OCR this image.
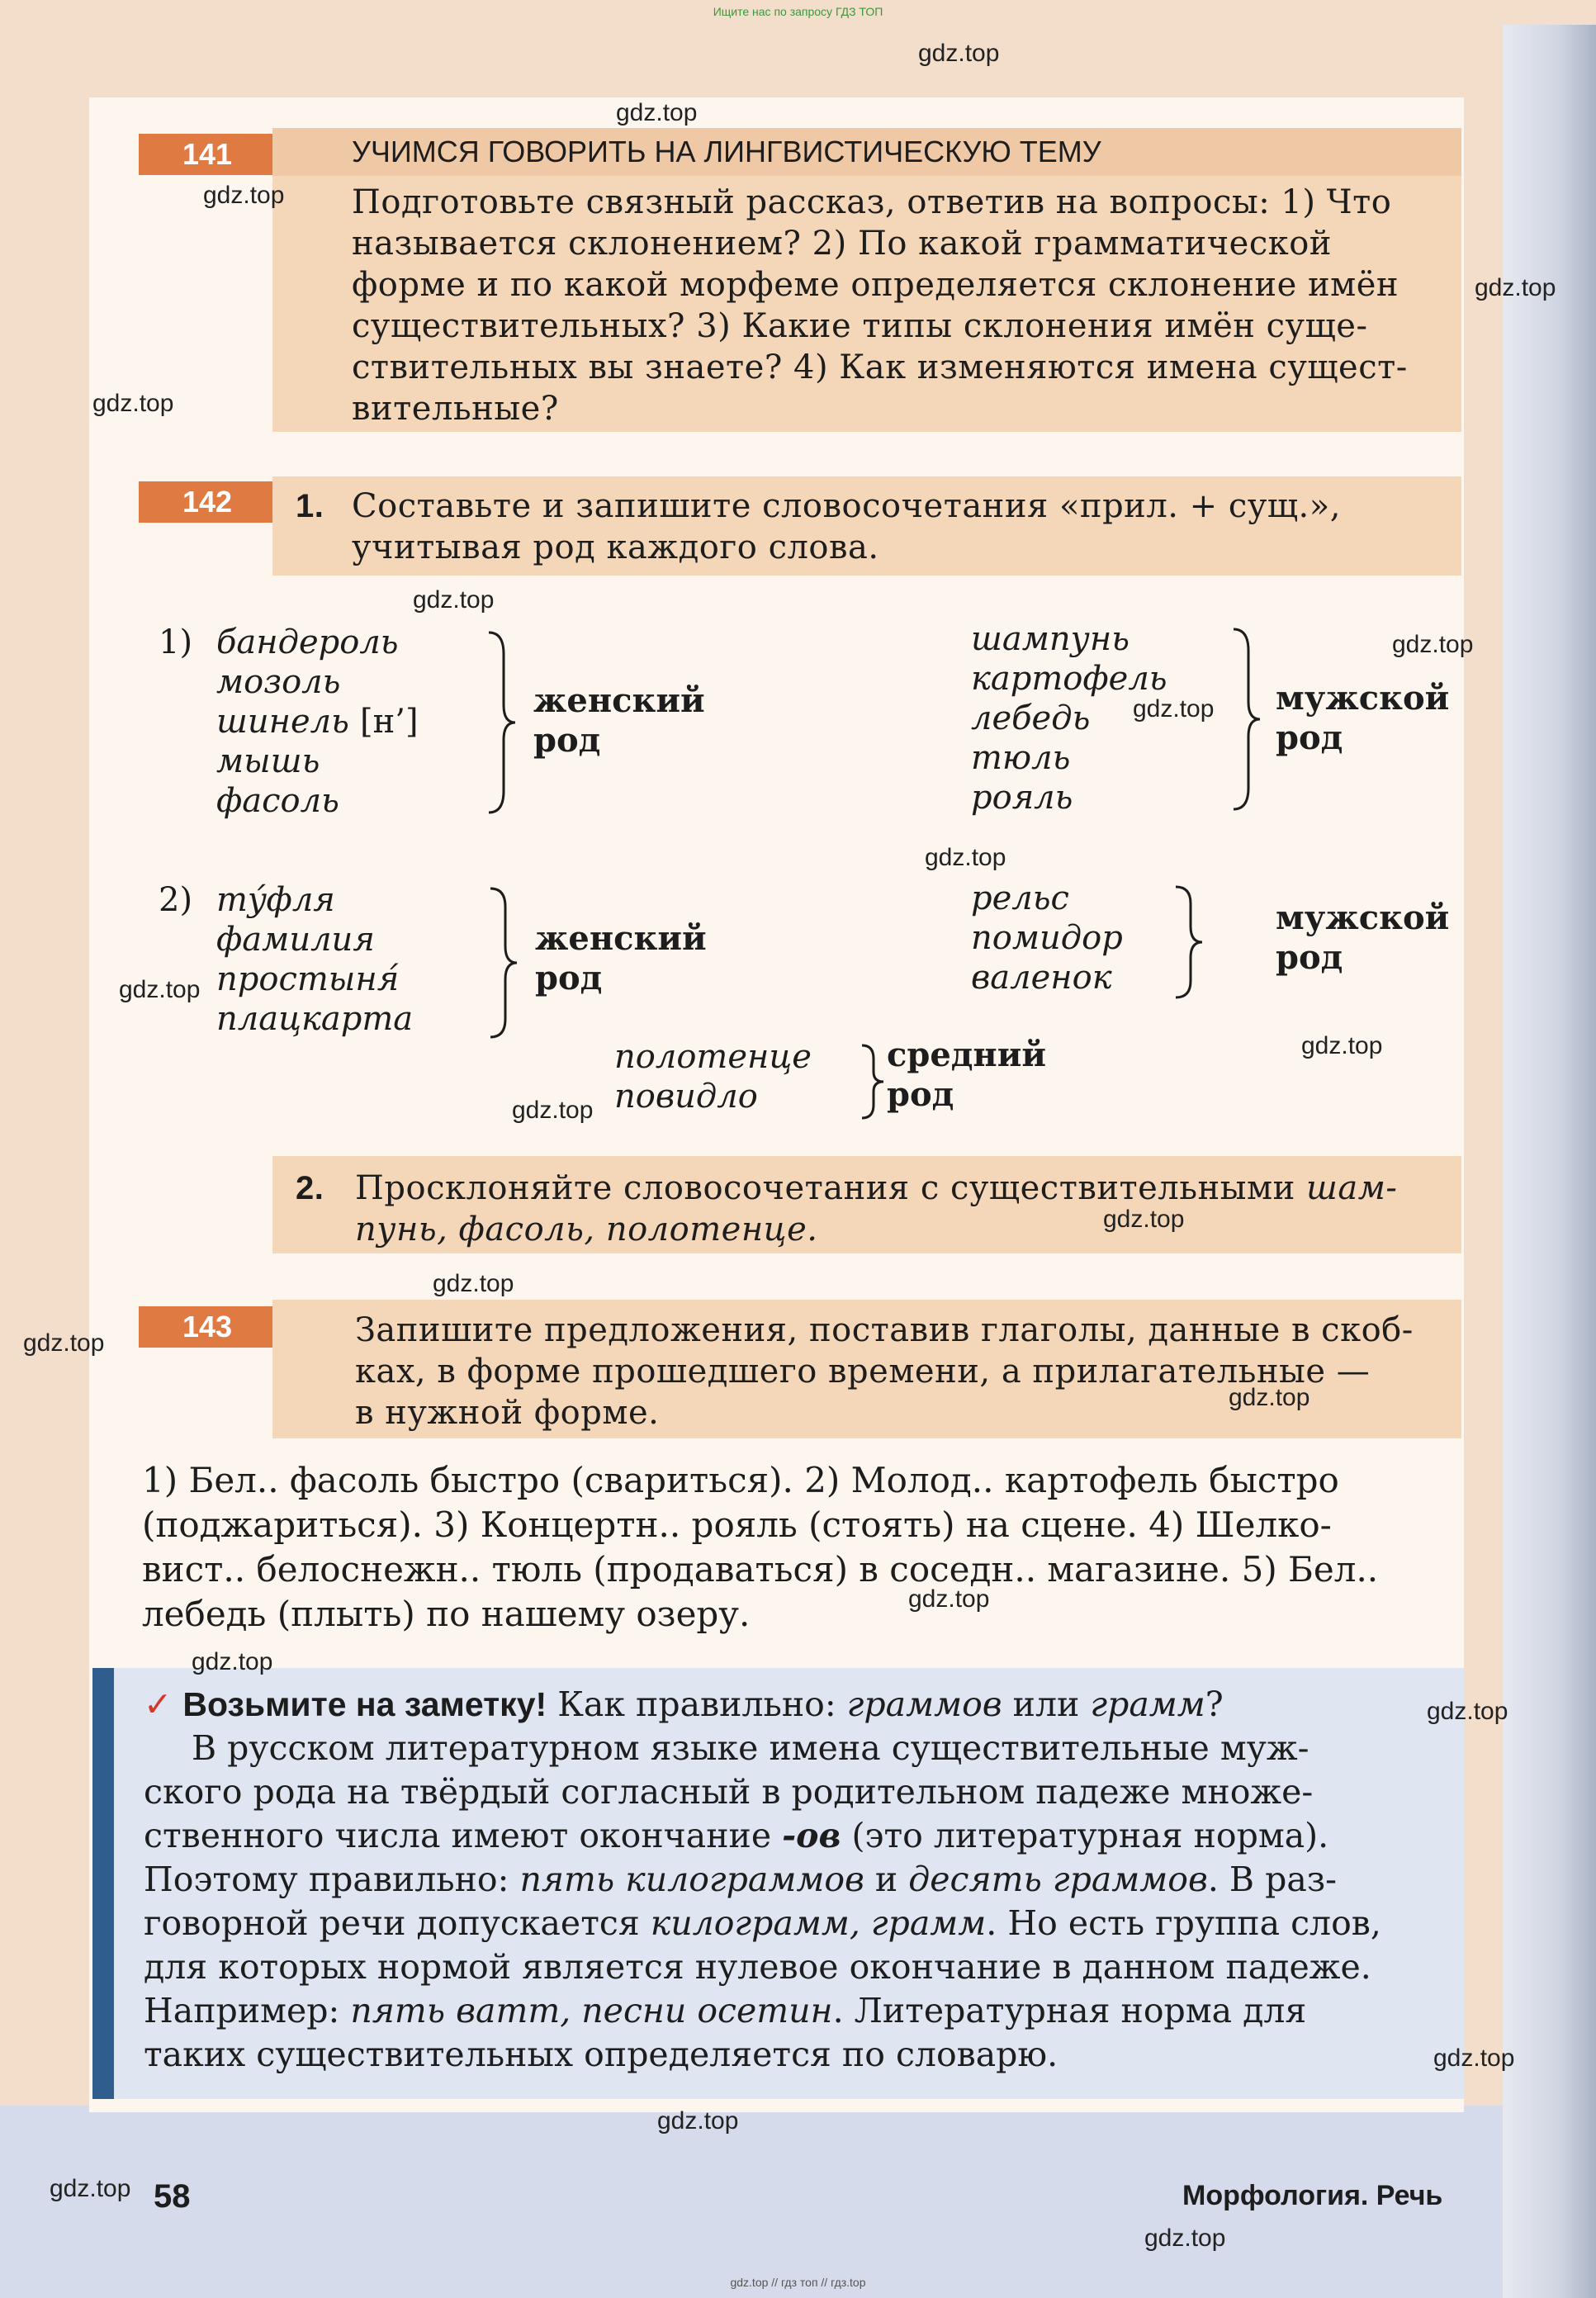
Ищите нас по запросу ГДЗ ТОП
141	УЧИМСЯ ГОВОРИТЬ НА ЛИНГВИСТИЧЕСКУЮ ТЕМУ
Подготовьте связный рассказ, ответив на вопросы: 1) Что
называется склонением? 2) По какой грамматической
форме и по какой морфеме определяется склонение имён
существительных? 3) Какие типы склонения имён суще-
ствительных вы знаете? 4) Как изменяются имена сущест-
вительные?
142	1. Составьте и запишите словосочетания «прил. + сущ.»,
учитывая род каждого слова.
1) бандероль
мозоль
шинель [н’]
мышь
фасоль
женский
род
шампунь
картофель
лебедь
тюль
рояль
мужской
род
2) тýфля
фамилия
простыня́
плацкарта
женский
род
рельс
помидор
валенок
мужской
род
полотенце
повидло
средний
род
2. Просклоняйте словосочетания с существительными шам-
пунь, фасоль, полотенце.
143	Запишите предложения, поставив глаголы, данные в скоб-
ках, в форме прошедшего времени, а прилагательные —
в нужной форме.
1) Бел.. фасоль быстро (свариться). 2) Молод.. картофель быстро
(поджариться). 3) Концертн.. рояль (стоять) на сцене. 4) Шелко-
вист.. белоснежн.. тюль (продаваться) в соседн.. магазине. 5) Бел..
лебедь (плыть) по нашему озеру.
✓ Возьмите на заметку! Как правильно: граммов или грамм?
В русском литературном языке имена существительные муж-
ского рода на твёрдый согласный в родительном падеже множе-
ственного числа имеют окончание -ов (это литературная норма).
Поэтому правильно: пять килограммов и десять граммов. В раз-
говорной речи допускается килограмм, грамм. Но есть группа слов,
для которых нормой является нулевое окончание в данном падеже.
Например: пять ватт, песни осетин. Литературная норма для
таких существительных определяется по словарю.
58	Морфология. Речь
gdz.top
gdz.top
gdz.top
gdz.top
gdz.top
gdz.top
gdz.top
gdz.top
gdz.top
gdz.top
gdz.top
gdz.top
gdz.top
gdz.top
gdz.top
gdz.top
gdz.top
gdz.top
gdz.top
gdz.top
gdz.top
gdz.top
gdz.top
gdz.top // гдз топ // гдз.top
